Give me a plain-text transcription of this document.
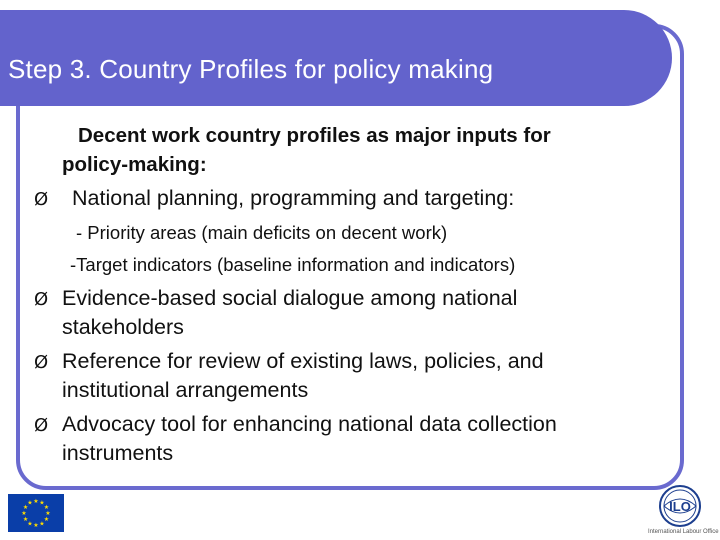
Step 3. Country Profiles for policy making
Decent work country profiles as major inputs for
policy-making:
Ø National planning, programming and targeting:
- Priority areas (main deficits on decent work)
-Target indicators (baseline information and indicators)
Ø Evidence-based social dialogue among national
stakeholders
Ø Reference for review of existing laws, policies, and
institutional arrangements
Ø Advocacy tool for enhancing national data collection
instruments
★ ★
★
★
★
★
★
★
★
★
★
★	ILO
International Labour Office
